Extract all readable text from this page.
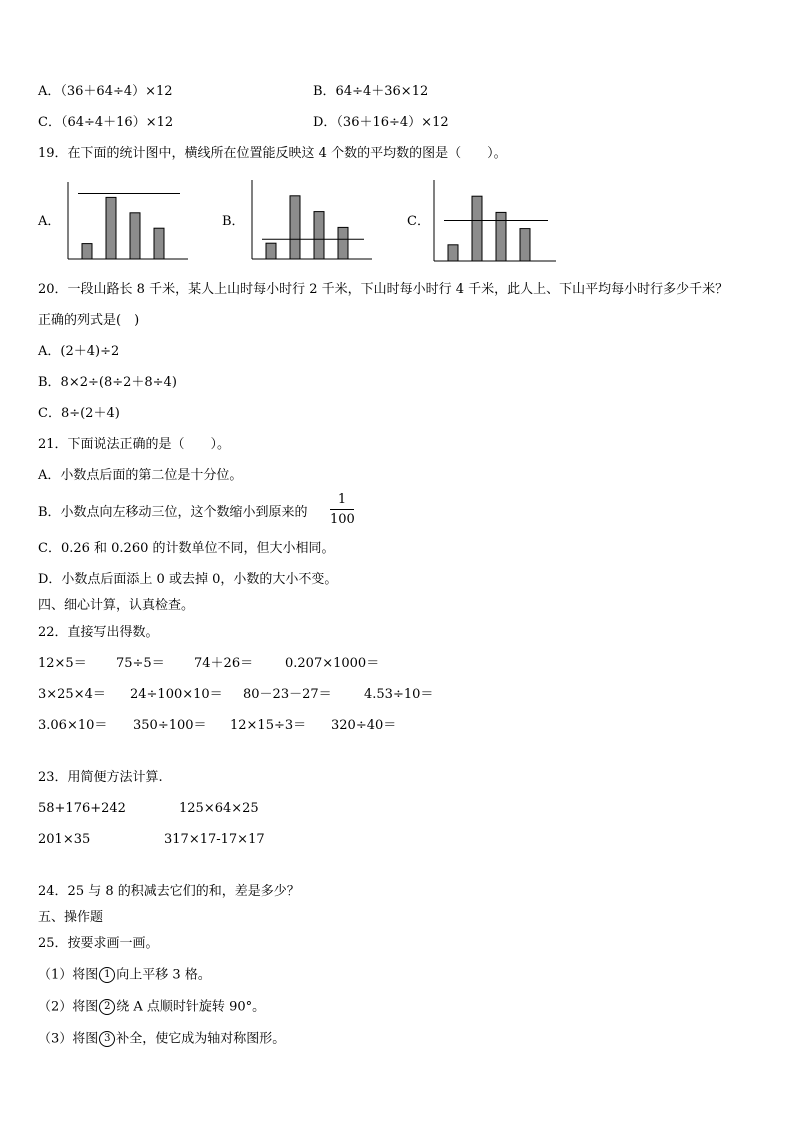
A．（36＋64÷4）×12	B．64÷4＋36×12
C．（64÷4＋16）×12	D．（36＋16÷4）×12
19．在下面的统计图中，横线所在位置能反映这 4 个数的平均数的图是（　　）。
A．	B．	C．
20．一段山路长 8 千米，某人上山时每小时行 2 千米，下山时每小时行 4 千米，此人上、下山平均每小时行多少千米？
正确的列式是(　)
A．(2＋4)÷2
B．8×2÷(8÷2＋8÷4)
C．8÷(2＋4)
21．下面说法正确的是（　　）。
A．小数点后面的第二位是十分位。
B．小数点向左移动三位，这个数缩小到原来的
1
100
C．0.26 和 0.260 的计数单位不同，但大小相同。
D．小数点后面添上 0 或去掉 0，小数的大小不变。
四、细心计算，认真检查。
22．直接写出得数。
12×5＝ 75÷5＝ 74＋26＝ 0.207×1000＝
3×25×4＝ 24÷100×10＝ 80－23－27＝ 4.53÷10＝
3.06×10＝ 350÷100＝ 12×15÷3＝ 320÷40＝
23．用简便方法计算.
58+176+242	125×64×25
201×35	317×17-17×17
24．25 与 8 的积减去它们的和，差是多少？
五、操作题
25．按要求画一画。
（1）将图 1 向上平移 3 格。
（2）将图 2 绕 A 点顺时针旋转 90°。
（3）将图 3 补全，使它成为轴对称图形。
